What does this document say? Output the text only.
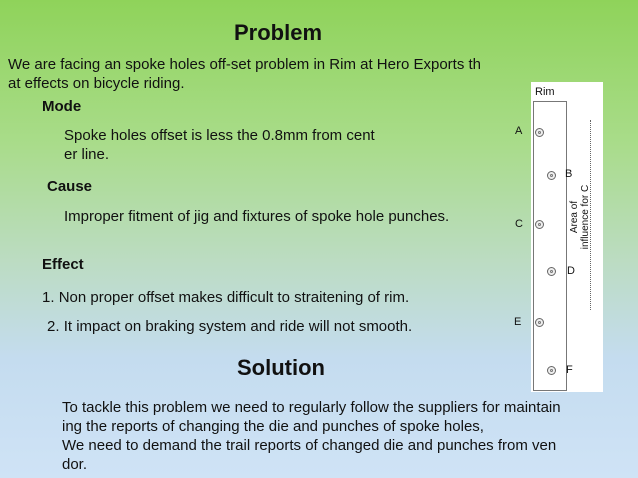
Problem
We are facing an spoke holes off-set problem in Rim at Hero Exports th
at effects on bicycle riding.
Mode
Spoke holes offset is less the 0.8mm from cent
er line.
Cause
Improper fitment of jig and fixtures of spoke hole punches.
Effect
1. Non proper offset makes difficult to straitening of rim.
2. It impact on braking system and ride will not smooth.
Solution
To tackle this problem we need to regularly follow the suppliers for maintain
ing the reports of changing the die and punches of spoke holes,
We need to demand the trail reports of changed die and punches from ven
dor.
Rim
A
B
C
D
E
F
Area of influence for C
